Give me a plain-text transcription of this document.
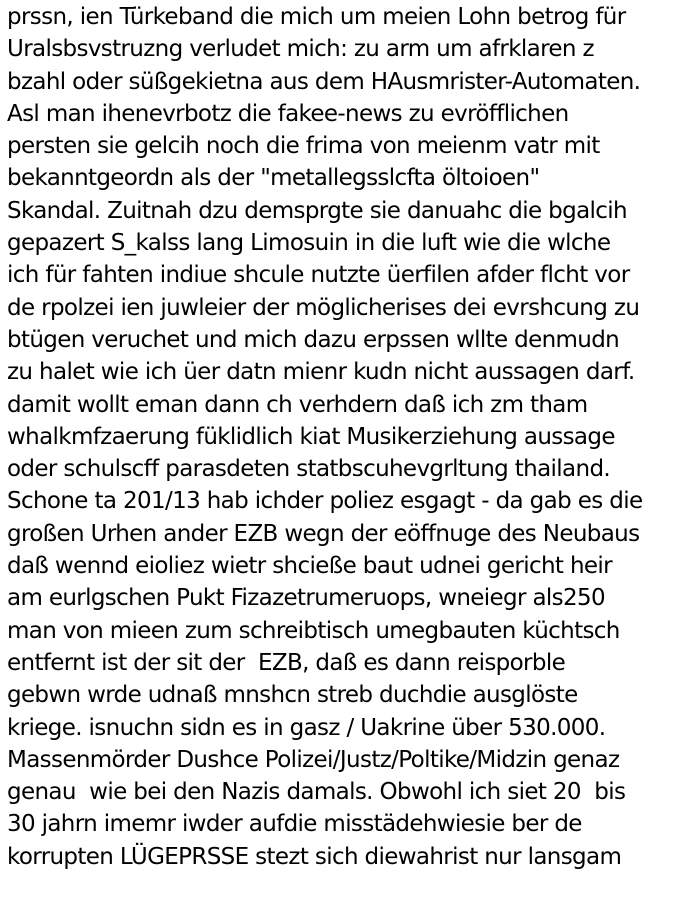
prssn, ien Türkeband die mich um meien Lohn betrog für
Uralsbsvstruzng verludet mich: zu arm um afrklaren z
bzahl oder süßgekietna aus dem HAusmrister-Automaten.
Asl man ihenevrbotz die fakee-news zu evröfflichen
persten sie gelcih noch die frima von meienm vatr mit
bekanntgeordn als der "metallegsslcfta öltoioen"
Skandal. Zuitnah dzu demsprgte sie danuahc die bgalcih
gepazert S_kalss lang Limosuin in die luft wie die wlche
ich für fahten indiue shcule nutzte üerfilen afder flcht vor
de rpolzei ien juwleier der möglicherises dei evrshcung zu
btügen veruchet und mich dazu erpssen wllte denmudn
zu halet wie ich üer datn mienr kudn nicht aussagen darf.
damit wollt eman dann ch verhdern daß ich zm tham
whalkmfzaerung füklidlich kiat Musikerziehung aussage
oder schulscff parasdeten statbscuhevgrltung thailand.
Schone ta 201/13 hab ichder poliez esgagt - da gab es die
großen Urhen ander EZB wegn der eöffnuge des Neubaus
daß wennd eioliez wietr shcieße baut udnei gericht heir
am eurlgschen Pukt Fizazetrumeruops, wneiegr als250
man von mieen zum schreibtisch umegbauten küchtsch
entfernt ist der sit der  EZB, daß es dann reisporble
gebwn wrde udnaß mnshcn streb duchdie ausglöste
kriege. isnuchn sidn es in gasz / Uakrine über 530.000.
Massenmörder Dushce Polizei/Justz/Poltike/Midzin genaz
genau  wie bei den Nazis damals. Obwohl ich siet 20  bis
30 jahrn imemr iwder aufdie misstädehwiesie ber de
korrupten LÜGEPRSSE stezt sich diewahrist nur lansgam
